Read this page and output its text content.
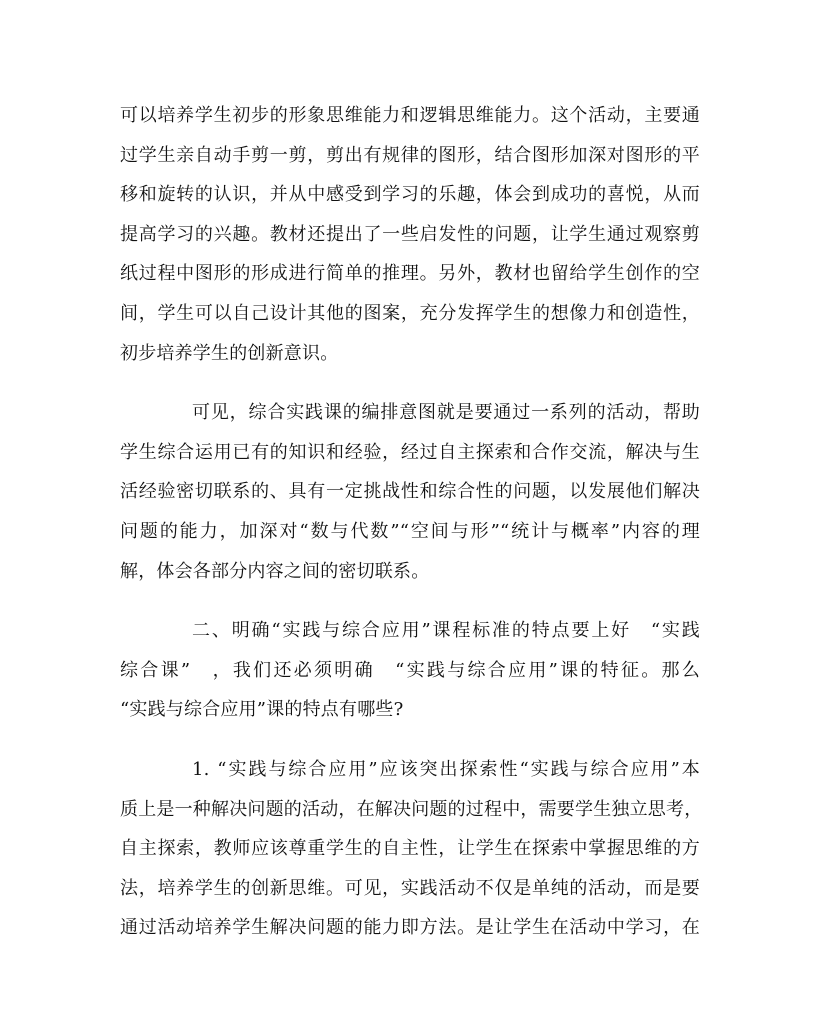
可以培养学生初步的形象思维能力和逻辑思维能力。这个活动，主要通

过学生亲自动手剪一剪，剪出有规律的图形，结合图形加深对图形的平

移和旋转的认识，并从中感受到学习的乐趣，体会到成功的喜悦，从而

提高学习的兴趣。教材还提出了一些启发性的问题，让学生通过观察剪

纸过程中图形的形成进行简单的推理。另外，教材也留给学生创作的空

间，学生可以自己设计其他的图案，充分发挥学生的想像力和创造性，

初步培养学生的创新意识。

可见，综合实践课的编排意图就是要通过一系列的活动，帮助

学生综合运用已有的知识和经验，经过自主探索和合作交流，解决与生

活经验密切联系的、具有一定挑战性和综合性的问题，以发展他们解决

问题的能力，加深对“数与代数”“空间与形”“统计与概率”内容的理

解，体会各部分内容之间的密切联系。

二、明确“实践与综合应用”课程标准的特点要上好　“实践

综合课”　，我们还必须明确　“实践与综合应用”课的特征。那么

“实践与综合应用”课的特点有哪些?

1. “实践与综合应用”应该突出探索性“实践与综合应用”本

质上是一种解决问题的活动，在解决问题的过程中，需要学生独立思考，

自主探索，教师应该尊重学生的自主性，让学生在探索中掌握思维的方

法，培养学生的创新思维。可见，实践活动不仅是单纯的活动，而是要

通过活动培养学生解决问题的能力即方法。是让学生在活动中学习，在
